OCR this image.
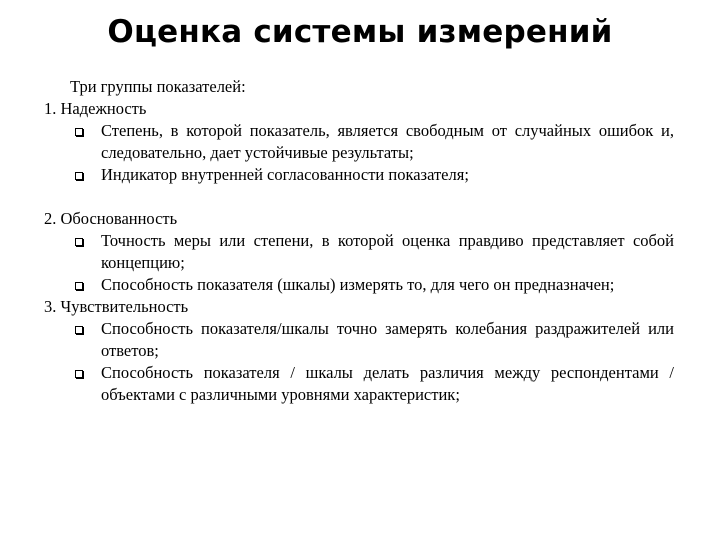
Оценка системы измерений
Три группы показателей:
1. Надежность
Степень, в которой показатель, является свободным от случайных ошибок и, следовательно, дает устойчивые результаты;
Индикатор внутренней согласованности показателя;
2. Обоснованность
Точность меры или степени, в которой оценка правдиво представляет собой концепцию;
Способность показателя (шкалы) измерять то, для чего он предназначен;
3. Чувствительность
Способность показателя/шкалы точно замерять колебания раздражителей или ответов;
Способность показателя / шкалы делать различия между респондентами / объектами с различными уровнями характеристик;
